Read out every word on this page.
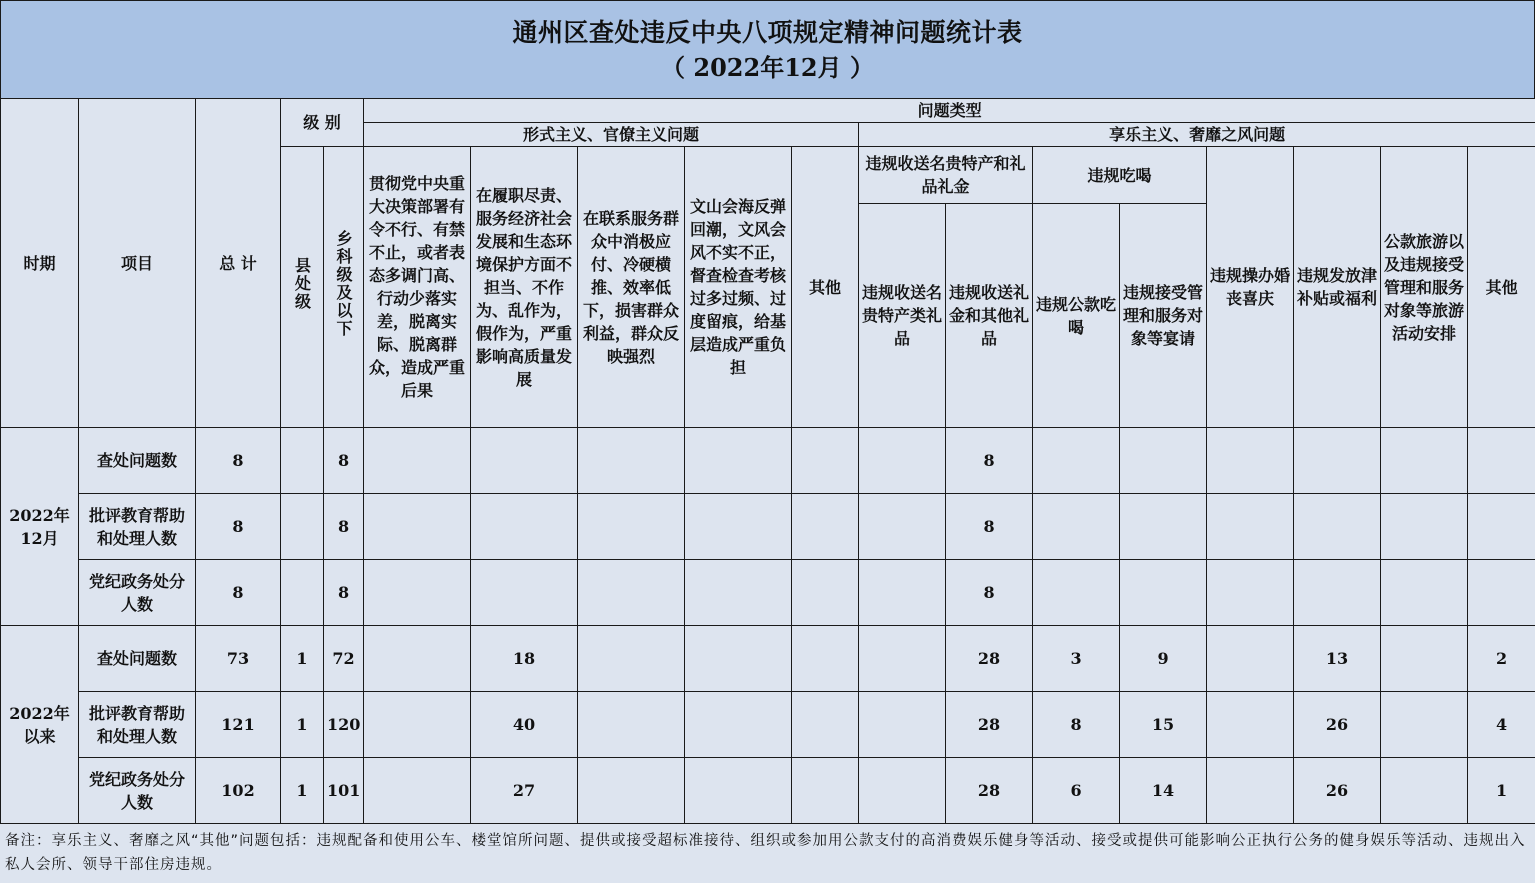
通州区查处违反中央八项规定精神问题统计表
（ 2022年12月 ）
时期	项目	总 计	级 别		问题类型												
					形式主义、官僚主义问题					享乐主义、奢靡之风问题							
			县处级	乡科级及以下	贯彻党中央重大决策部署有令不行、有禁不止，或者表态多调门高、行动少落实差，脱离实际、脱离群众，造成严重后果	在履职尽责、服务经济社会发展和生态环境保护方面不担当、不作为、乱作为，假作为，严重影响高质量发展	在联系服务群众中消极应付、冷硬横推、效率低下，损害群众利益，群众反映强烈	文山会海反弹回潮，文风会风不实不正，督查检查考核过多过频、过度留痕，给基层造成严重负担	其他	违规收送名贵特产和礼品礼金		违规吃喝		违规操办婚丧喜庆	违规发放津补贴或福利	公款旅游以及违规接受管理和服务对象等旅游活动安排	其他
										违规收送名贵特产类礼品	违规收送礼金和其他礼品	违规公款吃喝	违规接受管理和服务对象等宴请				
2022年12月	查处问题数	8		8							8						
	批评教育帮助和处理人数	8		8							8						
	党纪政务处分人数	8		8							8						
2022年以来	查处问题数	73	1	72		18					28	3	9		13		2
	批评教育帮助和处理人数	121	1	120		40					28	8	15		26		4
	党纪政务处分人数	102	1	101		27					28	6	14		26		1
备注：享乐主义、奢靡之风“其他”问题包括：违规配备和使用公车、楼堂馆所问题、提供或接受超标准接待、组织或参加用公款支付的高消费娱乐健身等活动、接受或提供可能影响公正执行公务的健身娱乐等活动、违规出入私人会所、领导干部住房违规。
